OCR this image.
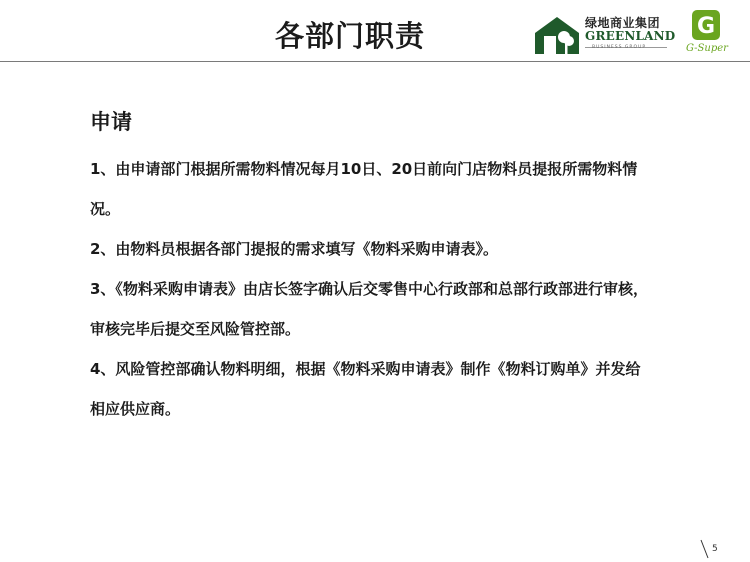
各部门职责	绿地商业集团
GREENLAND
BUSINESS GROUP
G
G-Super
申请

1、由申请部门根据所需物料情况每月10日、20日前向门店物料员提报所需物料情况。

2、由物料员根据各部门提报的需求填写《物料采购申请表》。

3、《物料采购申请表》由店长签字确认后交零售中心行政部和总部行政部进行审核，审核完毕后提交至风险管控部。

4、风险管控部确认物料明细，根据《物料采购申请表》制作《物料订购单》并发给相应供应商。

5
